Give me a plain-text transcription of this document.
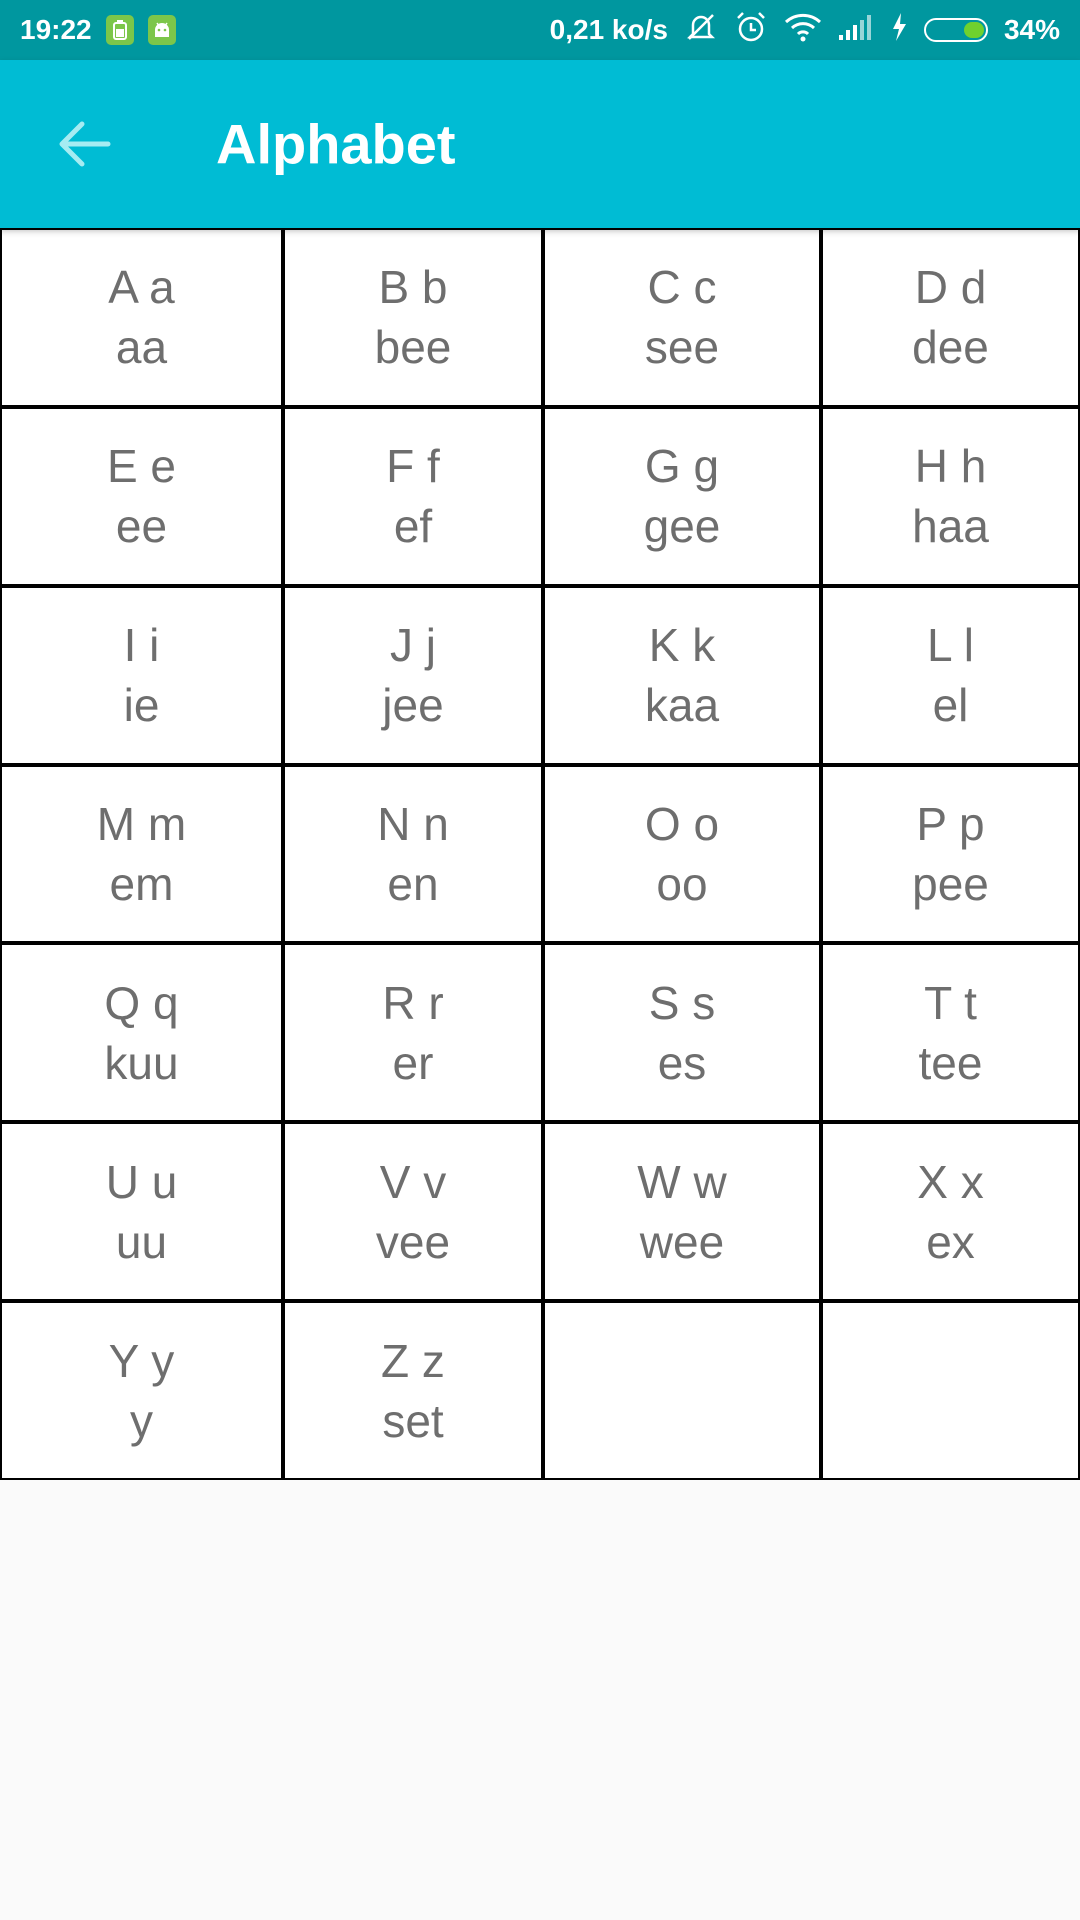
19:22	0,21 ko/s	34%
Alphabet
A a
aa
B b
bee
C c
see
D d
dee
E e
ee
F f
ef
G g
gee
H h
haa
I i
ie
J j
jee
K k
kaa
L l
el
M m
em
N n
en
O o
oo
P p
pee
Q q
kuu
R r
er
S s
es
T t
tee
U u
uu
V v
vee
W w
wee
X x
ex
Y y
y
Z z
set
